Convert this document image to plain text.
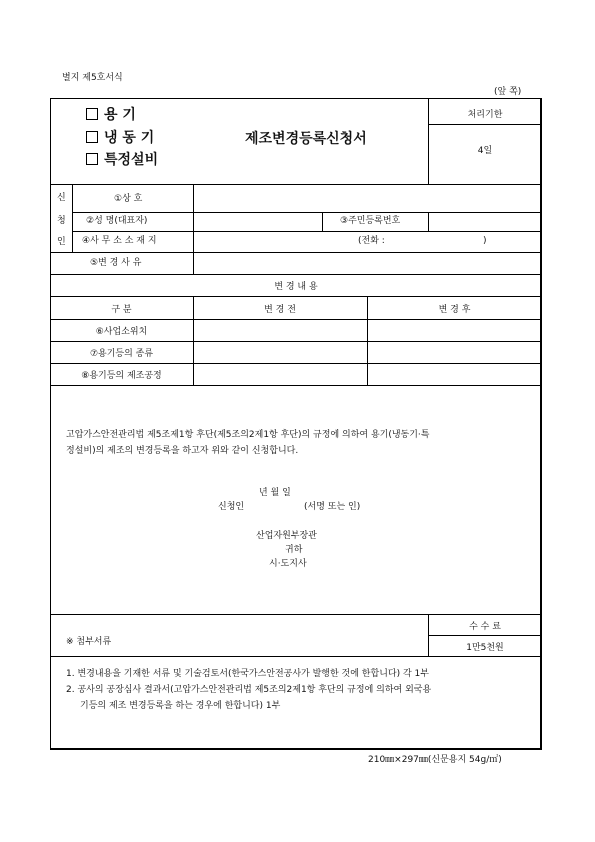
별지 제5호서식
(앞 쪽)
용 기
냉 동 기
특정설비
제조변경등록신청서
처리기한
4일
신
청
인
①상 호
②성 명(대표자)	③주민등록번호
④사 무 소 소 재 지	(전화 :	)
⑤변 경 사 유
변 경 내 용
구 분	변 경 전	변 경 후
⑥사업소위치
⑦용기등의 종류
⑧용기등의 제조공정
고압가스안전관리법 제5조제1항 후단(제5조의2제1항 후단)의 규정에 의하여 용기(냉동기·특
정설비)의 제조의 변경등록을 하고자 위와 같이 신청합니다.
년 월 일
신청인	(서명 또는 인)
산업자원부장관
귀하
시·도지사
수 수 료
1만5천원
※ 첨부서류
1. 변경내용을 기재한 서류 및 기술검토서(한국가스안전공사가 발행한 것에 한합니다) 각 1부
2. 공사의 공장심사 결과서(고압가스안전관리법 제5조의2제1항 후단의 규정에 의하여 외국용
기등의 제조 변경등록을 하는 경우에 한합니다) 1부
210㎜×297㎜(신문용지 54g/㎡)
